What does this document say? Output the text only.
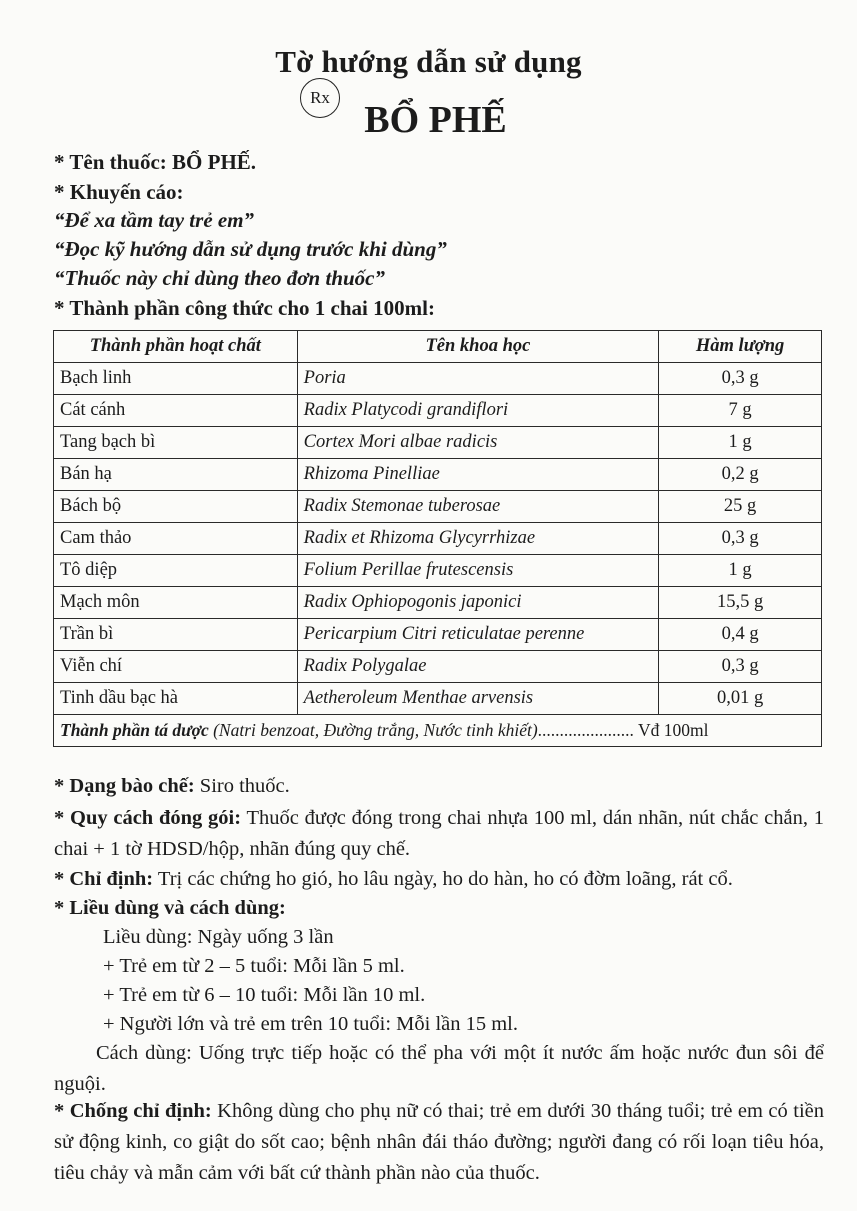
Tờ hướng dẫn sử dụng
Rx
BỔ PHẾ
* Tên thuốc: BỔ PHẾ.
* Khuyến cáo:
“Để xa tầm tay trẻ em”
“Đọc kỹ hướng dẫn sử dụng trước khi dùng”
“Thuốc này chỉ dùng theo đơn thuốc”
* Thành phần công thức cho 1 chai 100ml:
Thành phần hoạt chất	Tên khoa học	Hàm lượng
Bạch linh	Poria	0,3 g
Cát cánh	Radix Platycodi grandiflori	7 g
Tang bạch bì	Cortex Mori albae radicis	1 g
Bán hạ	Rhizoma Pinelliae	0,2 g
Bách bộ	Radix Stemonae tuberosae	25 g
Cam thảo	Radix et Rhizoma Glycyrrhizae	0,3 g
Tô diệp	Folium Perillae frutescensis	1 g
Mạch môn	Radix Ophiopogonis japonici	15,5 g
Trần bì	Pericarpium Citri reticulatae perenne	0,4 g
Viễn chí	Radix Polygalae	0,3 g
Tinh dầu bạc hà	Aetheroleum Menthae arvensis	0,01 g
Thành phần tá dược (Natri benzoat, Đường trắng, Nước tinh khiết)...................... Vđ 100ml		
* Dạng bào chế: Siro thuốc.
* Quy cách đóng gói: Thuốc được đóng trong chai nhựa 100 ml, dán nhãn, nút chắc chắn, 1 chai + 1 tờ HDSD/hộp, nhãn đúng quy chế.
* Chỉ định: Trị các chứng ho gió, ho lâu ngày, ho do hàn, ho có đờm loãng, rát cổ.
* Liều dùng và cách dùng:
Liều dùng: Ngày uống 3 lần
+ Trẻ em từ 2 – 5 tuổi: Mỗi lần 5 ml.
+ Trẻ em từ 6 – 10 tuổi: Mỗi lần 10 ml.
+ Người lớn và trẻ em trên 10 tuổi: Mỗi lần 15 ml.
Cách dùng: Uống trực tiếp hoặc có thể pha với một ít nước ấm hoặc nước đun sôi để nguội.
* Chống chỉ định: Không dùng cho phụ nữ có thai; trẻ em dưới 30 tháng tuổi; trẻ em có tiền sử động kinh, co giật do sốt cao; bệnh nhân đái tháo đường; người đang có rối loạn tiêu hóa, tiêu chảy và mẫn cảm với bất cứ thành phần nào của thuốc.
